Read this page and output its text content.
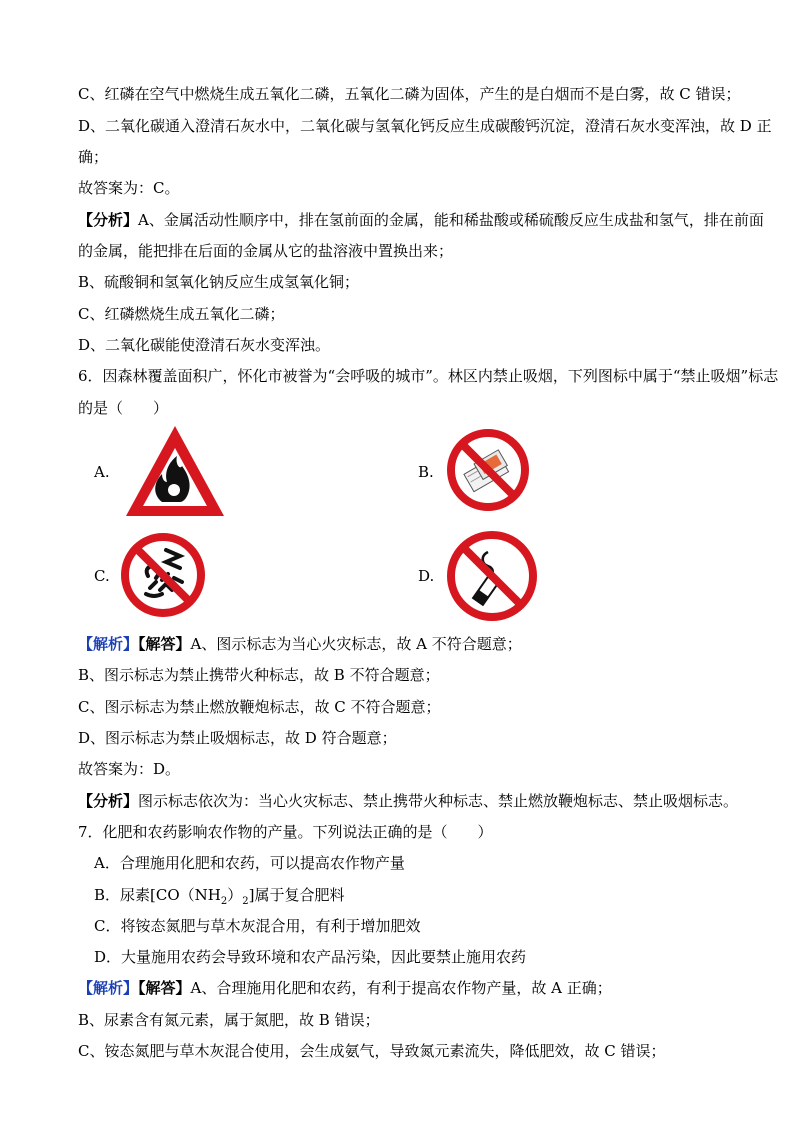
C、红磷在空气中燃烧生成五氧化二磷，五氧化二磷为固体，产生的是白烟而不是白雾，故 C 错误；
D、二氧化碳通入澄清石灰水中，二氧化碳与氢氧化钙反应生成碳酸钙沉淀，澄清石灰水变浑浊，故 D 正
确；
故答案为：C。
【分析】A、金属活动性顺序中，排在氢前面的金属，能和稀盐酸或稀硫酸反应生成盐和氢气，排在前面
的金属，能把排在后面的金属从它的盐溶液中置换出来；
B、硫酸铜和氢氧化钠反应生成氢氧化铜；
C、红磷燃烧生成五氧化二磷；
D、二氧化碳能使澄清石灰水变浑浊。
6．因森林覆盖面积广，怀化市被誉为“会呼吸的城市”。林区内禁止吸烟，下列图标中属于“禁止吸烟”标志
的是（　　）
A.	B.
C.	D.
【解析】【解答】A、图示标志为当心火灾标志，故 A 不符合题意；
B、图示标志为禁止携带火种标志，故 B 不符合题意；
C、图示标志为禁止燃放鞭炮标志，故 C 不符合题意；
D、图示标志为禁止吸烟标志，故 D 符合题意；
故答案为：D。
【分析】图示标志依次为：当心火灾标志、禁止携带火种标志、禁止燃放鞭炮标志、禁止吸烟标志。
7．化肥和农药影响农作物的产量。下列说法正确的是（　　）
A．合理施用化肥和农药，可以提高农作物产量
B．尿素$[CO(NH_2)_2]$属于复合肥料
C．将铵态氮肥与草木灰混合用，有利于增加肥效
D．大量施用农药会导致环境和农产品污染，因此要禁止施用农药
【解析】【解答】A、合理施用化肥和农药，有利于提高农作物产量，故 A 正确；
B、尿素含有氮元素，属于氮肥，故 B 错误；
C、铵态氮肥与草木灰混合使用，会生成氨气，导致氮元素流失，降低肥效，故 C 错误；
